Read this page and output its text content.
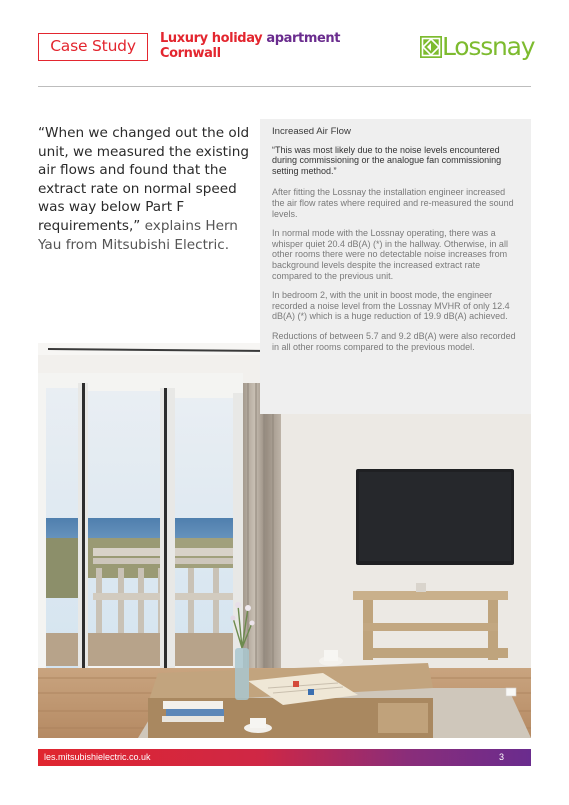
Case Study	Luxury holiday apartment
Cornwall	Lossnay
“When we changed out the old unit, we measured the existing air flows and found that the extract rate on normal speed was way below Part F requirements,” explains Hern Yau from Mitsubishi Electric.
Increased Air Flow
“This was most likely due to the noise levels encountered during commissioning or the analogue fan commissioning setting method.”

After fitting the Lossnay the installation engineer increased the air flow rates where required and re-measured the sound levels.

In normal mode with the Lossnay operating, there was a whisper quiet 20.4 dB(A) (*) in the hallway. Otherwise, in all other rooms there were no detectable noise increases from background levels despite the increased extract rate compared to the previous unit.

In bedroom 2, with the unit in boost mode, the engineer recorded a noise level from the Lossnay MVHR of only 12.4 dB(A) (*) which is a huge reduction of 19.9 dB(A) achieved.

Reductions of between 5.7 and 9.2 dB(A) were also recorded in all other rooms compared to the previous model.

les.mitsubishielectric.co.uk	3
